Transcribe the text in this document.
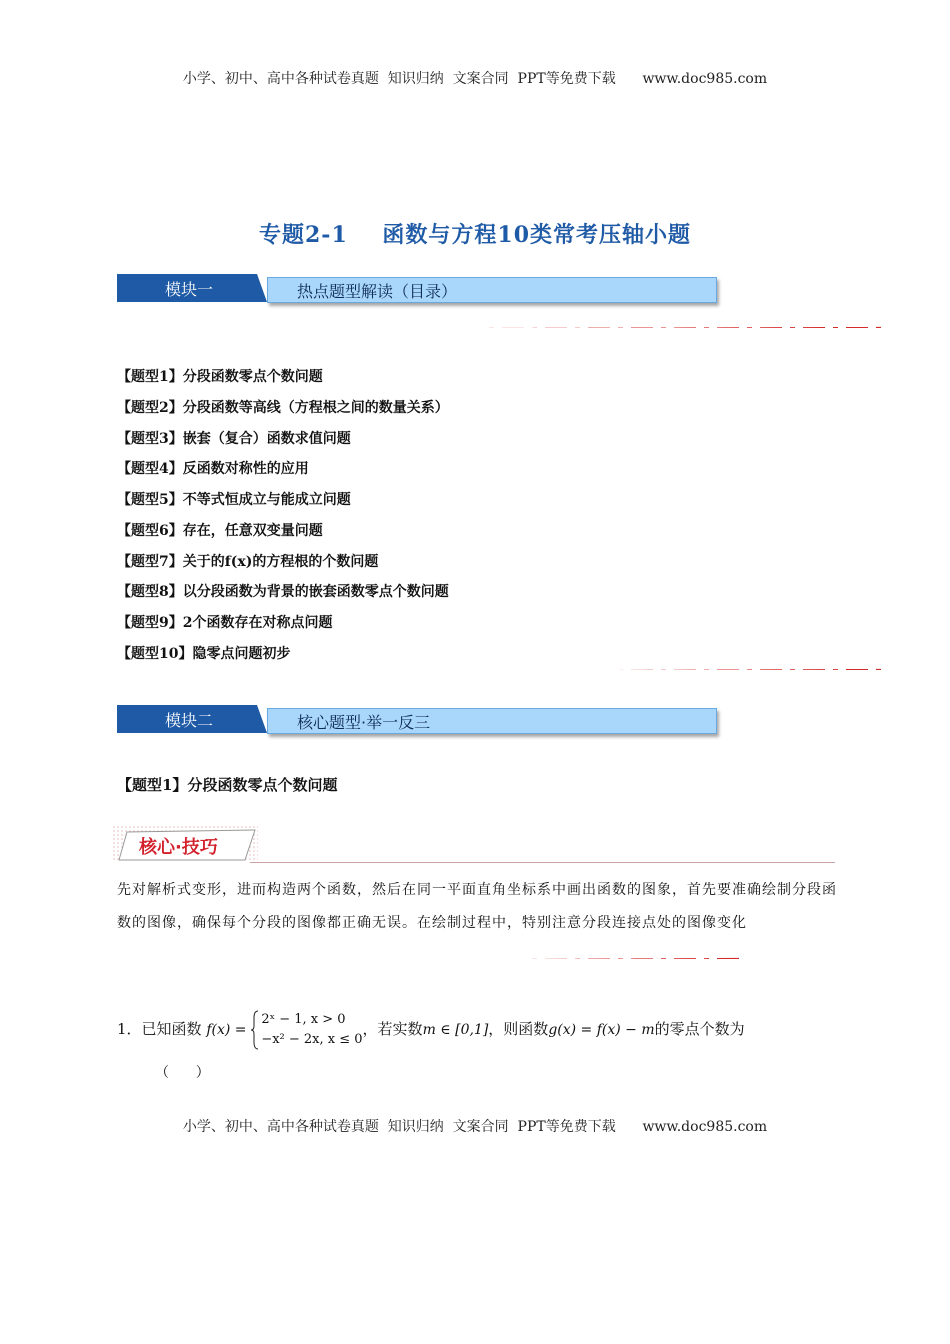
小学、初中、高中各种试卷真题  知识归纳  文案合同  PPT等免费下载      www.doc985.com
专题2-1    函数与方程10类常考压轴小题
模块一	热点题型解读（目录）
【题型1】分段函数零点个数问题
【题型2】分段函数等高线（方程根之间的数量关系）
【题型3】嵌套（复合）函数求值问题
【题型4】反函数对称性的应用
【题型5】不等式恒成立与能成立问题
【题型6】存在，任意双变量问题
【题型7】关于的f(x)的方程根的个数问题
【题型8】以分段函数为背景的嵌套函数零点个数问题
【题型9】2个函数存在对称点问题
【题型10】隐零点问题初步
模块二	核心题型·举一反三
【题型1】分段函数零点个数问题
核心·技巧
先对解析式变形，进而构造两个函数，然后在同一平面直角坐标系中画出函数的图象，首先要准确绘制分段函数的图像，确保每个分段的图像都正确无误。在绘制过程中，特别注意分段连接点处的图像变化
1．已知函数 f(x) =
2ˣ − 1, x > 0
−x² − 2x, x ≤ 0
，若实数m ∈ [0,1]，则函数g(x) = f(x) − m的零点个数为
（      ）
小学、初中、高中各种试卷真题  知识归纳  文案合同  PPT等免费下载      www.doc985.com
